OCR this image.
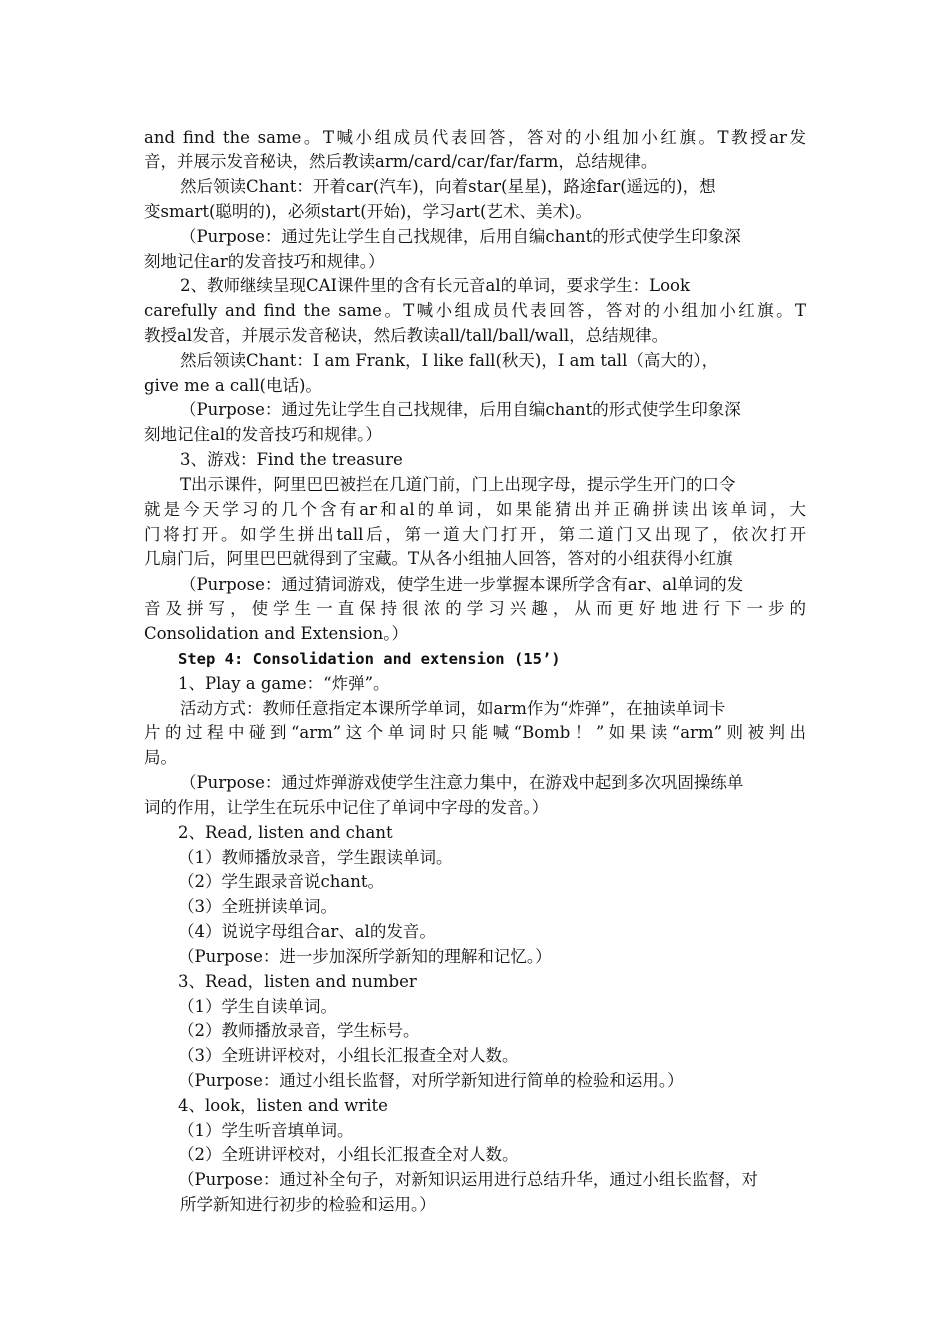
and find the same。T喊小组成员代表回答，答对的小组加小红旗。T教授ar发
音，并展示发音秘诀，然后教读arm/card/car/far/farm，总结规律。
然后领读Chant：开着car(汽车)，向着star(星星)，路途far(遥远的)，想
变smart(聪明的)，必须start(开始)，学习art(艺术、美术)。
（Purpose：通过先让学生自己找规律，后用自编chant的形式使学生印象深
刻地记住ar的发音技巧和规律。）
2、教师继续呈现CAI课件里的含有长元音al的单词，要求学生：Look
carefully and find the same。T喊小组成员代表回答，答对的小组加小红旗。T
教授al发音，并展示发音秘诀，然后教读all/tall/ball/wall，总结规律。
然后领读Chant：I am Frank，I like fall(秋天)，I am tall（高大的），
give me a call(电话)。
（Purpose：通过先让学生自己找规律，后用自编chant的形式使学生印象深
刻地记住al的发音技巧和规律。）
3、游戏：Find the treasure
T出示课件，阿里巴巴被拦在几道门前，门上出现字母，提示学生开门的口令
就是今天学习的几个含有ar和al的单词，如果能猜出并正确拼读出该单词，大
门将打开。如学生拼出tall后，第一道大门打开，第二道门又出现了，依次打开
几扇门后，阿里巴巴就得到了宝藏。T从各小组抽人回答，答对的小组获得小红旗
（Purpose：通过猜词游戏，使学生进一步掌握本课所学含有ar、al单词的发
音及拼写，使学生一直保持很浓的学习兴趣，从而更好地进行下一步的
Consolidation and Extension。）
Step 4: Consolidation and extension (15’)
1、Play a game：“炸弹”。
活动方式：教师任意指定本课所学单词，如arm作为“炸弹”，在抽读单词卡
片的过程中碰到“arm”这个单词时只能喊“Bomb！”如果读“arm”则被判出
局。
（Purpose：通过炸弹游戏使学生注意力集中，在游戏中起到多次巩固操练单
词的作用，让学生在玩乐中记住了单词中字母的发音。）
2、Read, listen and chant
（1）教师播放录音，学生跟读单词。
（2）学生跟录音说chant。
（3）全班拼读单词。
（4）说说字母组合ar、al的发音。
（Purpose：进一步加深所学新知的理解和记忆。）
3、Read，listen and number
（1）学生自读单词。
（2）教师播放录音，学生标号。
（3）全班讲评校对，小组长汇报查全对人数。
（Purpose：通过小组长监督，对所学新知进行简单的检验和运用。）
4、look，listen and write
（1）学生听音填单词。
（2）全班讲评校对，小组长汇报查全对人数。
（Purpose：通过补全句子，对新知识运用进行总结升华，通过小组长监督，对
所学新知进行初步的检验和运用。）
